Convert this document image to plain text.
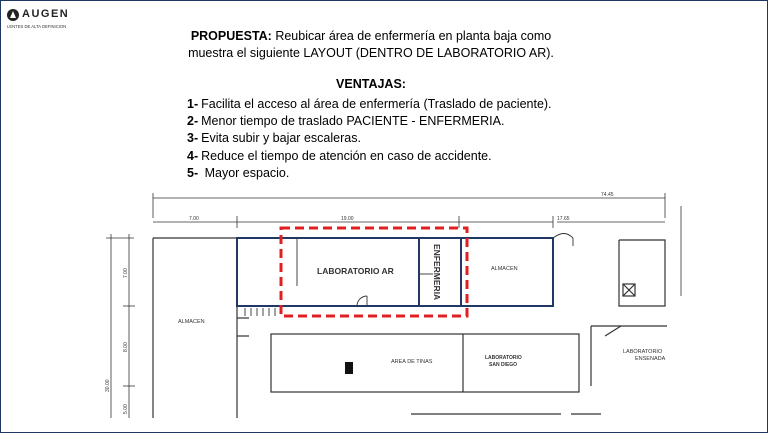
AUGEN
LENTES DE ALTA DEFINICION
PROPUESTA: Reubicar área de enfermería en planta baja como
muestra el siguiente LAYOUT (DENTRO DE LABORATORIO AR).
VENTAJAS:
1- Facilita el acceso al área de enfermería (Traslado de paciente).
2- Menor tiempo de traslado PACIENTE - ENFERMERIA.
3- Evita subir y bajar escaleras.
4- Reduce el tiempo de atención en caso de accidente.
5- Mayor espacio.
74.45
7.00	19.00	17.65
7.00
8.00
30.00
5.00
ALMACEN
LABORATORIO AR	ENFERMERIA	ALMACEN
LABORATORIO
ENSENADA
AREA DE TINAS
LABORATORIO
SAN DIEGO
